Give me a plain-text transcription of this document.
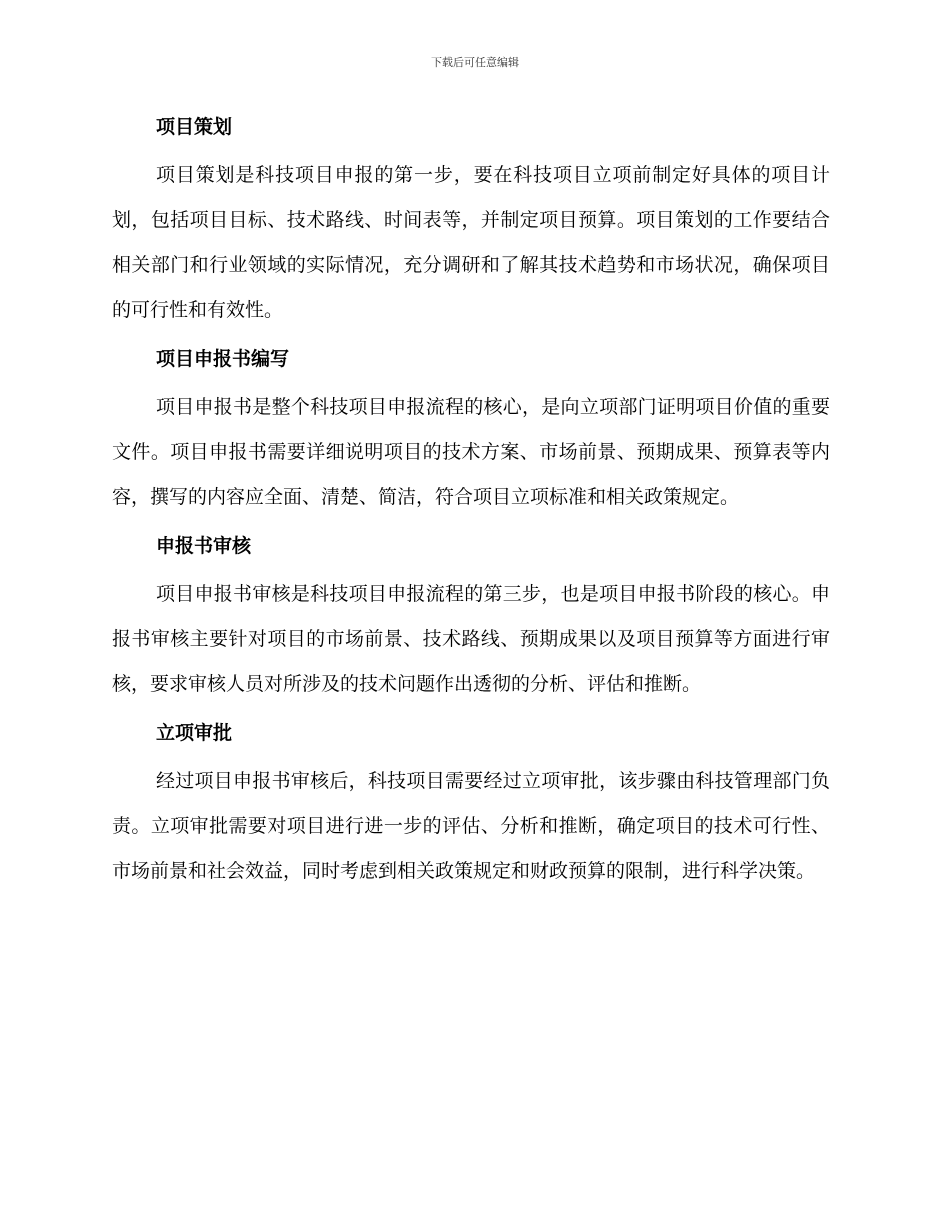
下载后可任意编辑

项目策划

项目策划是科技项目申报的第一步，要在科技项目立项前制定好具体的项目计划，包括项目目标、技术路线、时间表等，并制定项目预算。项目策划的工作要结合相关部门和行业领域的实际情况，充分调研和了解其技术趋势和市场状况，确保项目的可行性和有效性。

项目申报书编写

项目申报书是整个科技项目申报流程的核心，是向立项部门证明项目价值的重要文件。项目申报书需要详细说明项目的技术方案、市场前景、预期成果、预算表等内容，撰写的内容应全面、清楚、简洁，符合项目立项标准和相关政策规定。

申报书审核

项目申报书审核是科技项目申报流程的第三步，也是项目申报书阶段的核心。申报书审核主要针对项目的市场前景、技术路线、预期成果以及项目预算等方面进行审核，要求审核人员对所涉及的技术问题作出透彻的分析、评估和推断。

立项审批

经过项目申报书审核后，科技项目需要经过立项审批，该步骤由科技管理部门负责。立项审批需要对项目进行进一步的评估、分析和推断，确定项目的技术可行性、市场前景和社会效益，同时考虑到相关政策规定和财政预算的限制，进行科学决策。
